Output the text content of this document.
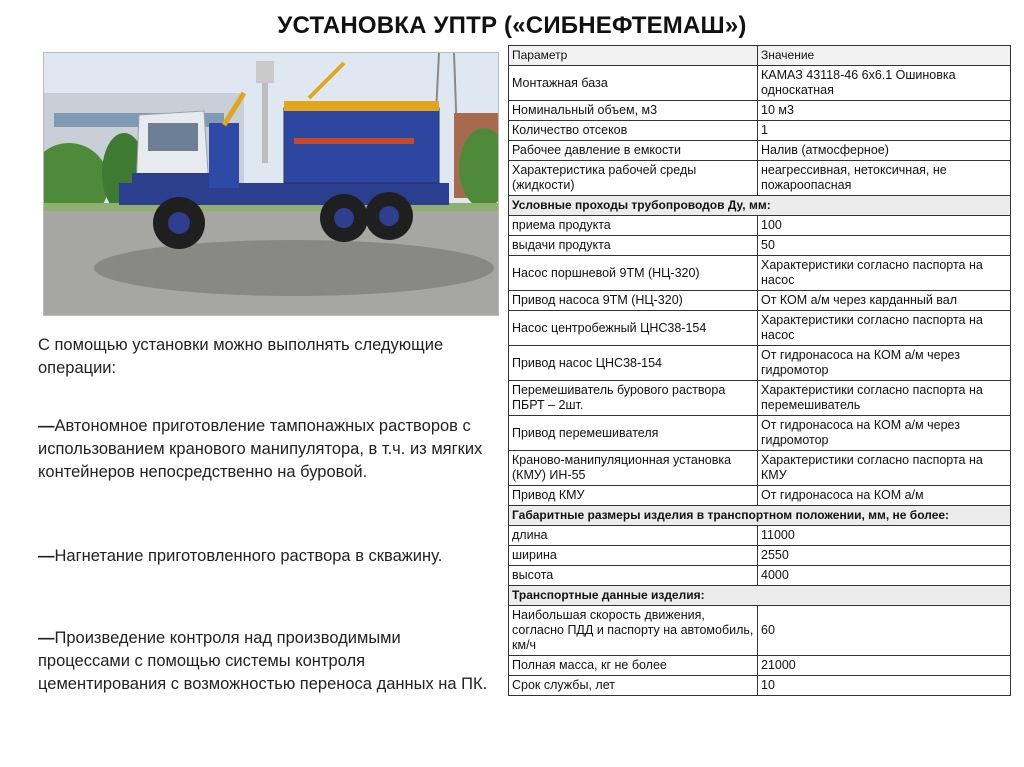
УСТАНОВКА УПТР («СИБНЕФТЕМАШ»)
С помощью установки можно выполнять следующие операции:
—Автономное приготовление тампонажных растворов с использованием кранового манипулятора, в т.ч. из мягких контейнеров непосредственно на буровой.
—Нагнетание приготовленного раствора в скважину.
—Произведение контроля над производимыми процессами с помощью системы контроля цементирования с возможностью переноса данных на ПК.
Параметр	Значение
Монтажная база	КАМАЗ 43118-46 6х6.1 Ошиновка односкатная
Номинальный объем, м3	10 м3
Количество отсеков	1
Рабочее давление в емкости	Налив (атмосферное)
Характеристика рабочей среды (жидкости)	неагрессивная, нетоксичная, не пожароопасная
Условные проходы трубопроводов Ду, мм:	
приема продукта	100
выдачи продукта	50
Насос поршневой 9ТМ (НЦ-320)	Характеристики согласно паспорта на насос
Привод насоса 9ТМ (НЦ-320)	От КОМ а/м через карданный вал
Насос центробежный ЦНС38-154	Характеристики согласно паспорта на насос
Привод насос ЦНС38-154	От гидронасоса на КОМ а/м через гидромотор
Перемешиватель бурового раствора ПБРТ – 2шт.	Характеристики согласно паспорта на перемешиватель
Привод перемешивателя	От гидронасоса на КОМ а/м через гидромотор
Краново-манипуляционная установка (КМУ) ИН-55	Характеристики согласно паспорта на КМУ
Привод КМУ	От гидронасоса на КОМ а/м
Габаритные размеры изделия в транспортном положении, мм, не более:	
длина	11000
ширина	2550
высота	4000
Транспортные данные изделия:	
Наибольшая скорость движения, согласно ПДД и паспорту на автомобиль, км/ч	60
Полная масса, кг не более	21000
Срок службы, лет	10
